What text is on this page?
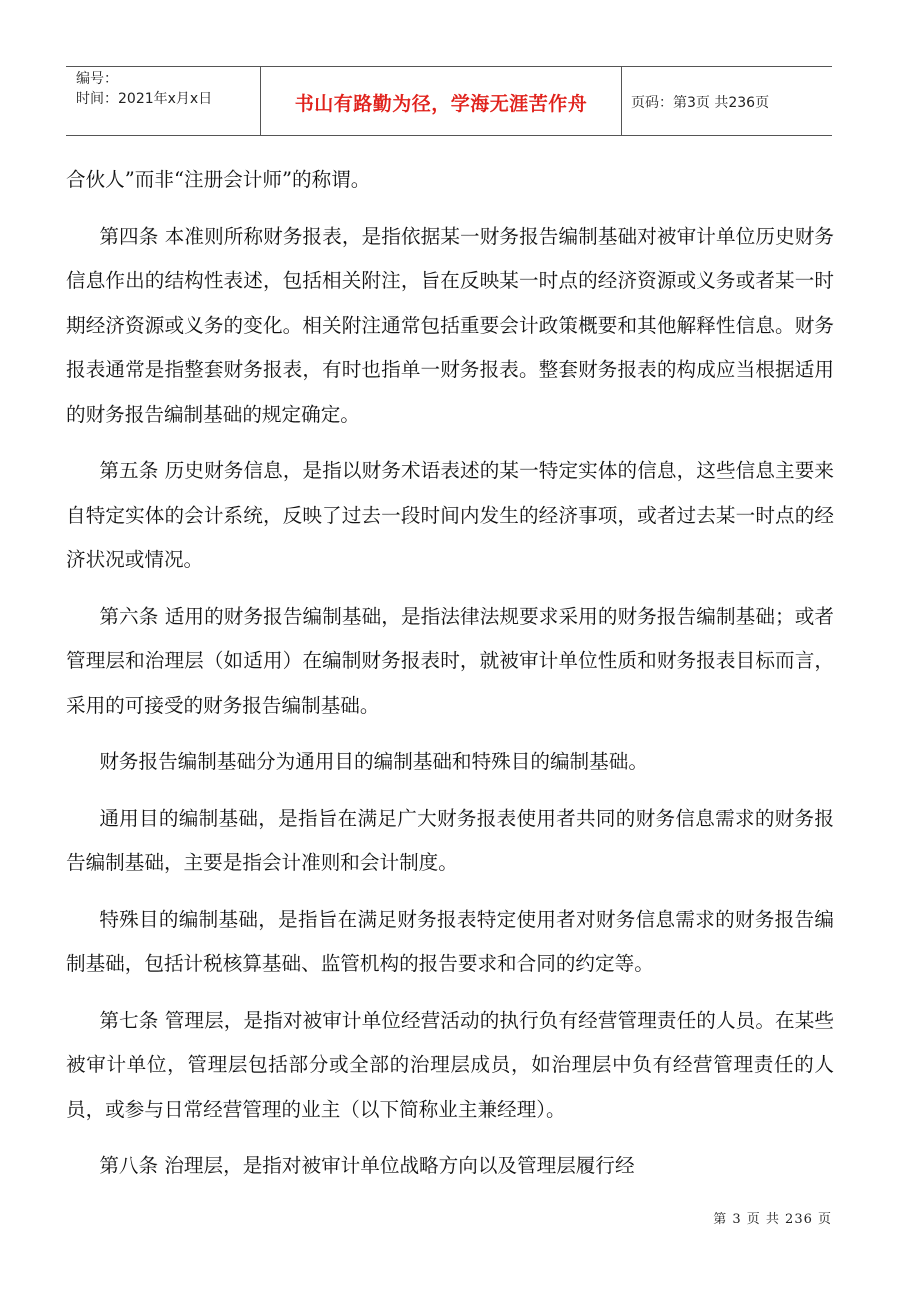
编号：
时间：2021年x月x日	书山有路勤为径，学海无涯苦作舟	页码：第3页 共236页

合伙人”而非“注册会计师”的称谓。

第四条 本准则所称财务报表，是指依据某一财务报告编制基础对被审计单位历史财务信息作出的结构性表述，包括相关附注，旨在反映某一时点的经济资源或义务或者某一时期经济资源或义务的变化。相关附注通常包括重要会计政策概要和其他解释性信息。财务报表通常是指整套财务报表，有时也指单一财务报表。整套财务报表的构成应当根据适用的财务报告编制基础的规定确定。

第五条 历史财务信息，是指以财务术语表述的某一特定实体的信息，这些信息主要来自特定实体的会计系统，反映了过去一段时间内发生的经济事项，或者过去某一时点的经济状况或情况。

第六条 适用的财务报告编制基础，是指法律法规要求采用的财务报告编制基础；或者管理层和治理层（如适用）在编制财务报表时，就被审计单位性质和财务报表目标而言，采用的可接受的财务报告编制基础。

财务报告编制基础分为通用目的编制基础和特殊目的编制基础。

通用目的编制基础，是指旨在满足广大财务报表使用者共同的财务信息需求的财务报告编制基础，主要是指会计准则和会计制度。

特殊目的编制基础，是指旨在满足财务报表特定使用者对财务信息需求的财务报告编制基础，包括计税核算基础、监管机构的报告要求和合同的约定等。

第七条 管理层，是指对被审计单位经营活动的执行负有经营管理责任的人员。在某些被审计单位，管理层包括部分或全部的治理层成员，如治理层中负有经营管理责任的人员，或参与日常经营管理的业主（以下简称业主兼经理）。

第八条 治理层，是指对被审计单位战略方向以及管理层履行经

第 3 页 共 236 页
